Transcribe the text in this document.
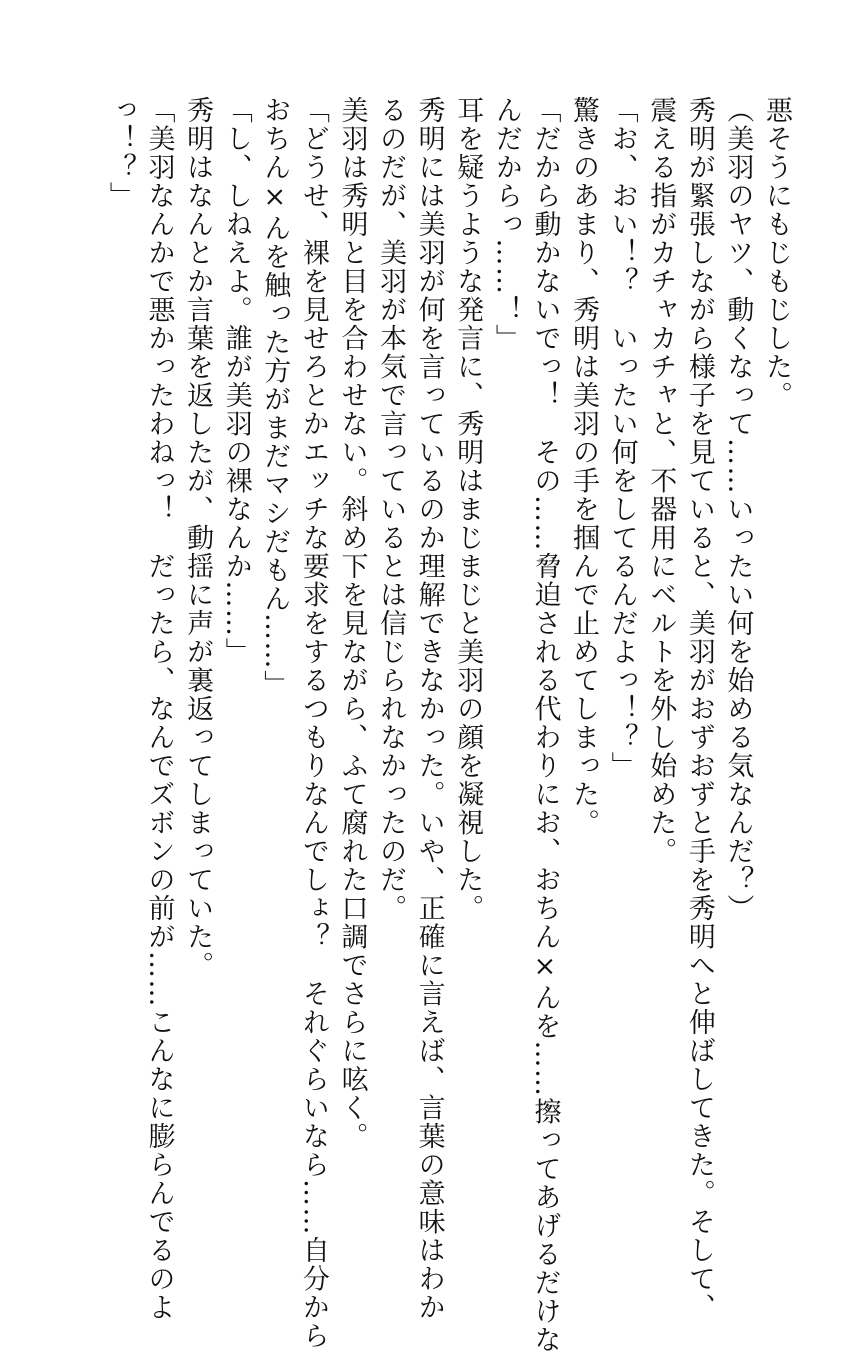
悪そうにもじもじした。
（美羽のヤツ、動くなって……いったい何を始める気なんだ？）
秀明が緊張しながら様子を見ていると、美羽がおずおずと手を秀明へと伸ばしてきた。そして、
震える指がカチャカチャと、不器用にベルトを外し始めた。
「お、おい！？　いったい何をしてるんだよっ！？」
驚きのあまり、秀明は美羽の手を掴んで止めてしまった。
「だから動かないでっ！　その……脅迫される代わりにお、おちん×んを……擦ってあげるだけな
んだからっ……！」
耳を疑うような発言に、秀明はまじまじと美羽の顔を凝視した。
秀明には美羽が何を言っているのか理解できなかった。いや、正確に言えば、言葉の意味はわか
るのだが、美羽が本気で言っているとは信じられなかったのだ。
美羽は秀明と目を合わせない。斜め下を見ながら、ふて腐れた口調でさらに呟く。
「どうせ、裸を見せろとかエッチな要求をするつもりなんでしょ？　それぐらいなら……自分から
おちん×んを触った方がまだマシだもん……」
「し、しねえよ。誰が美羽の裸なんか……」
秀明はなんとか言葉を返したが、動揺に声が裏返ってしまっていた。
「美羽なんかで悪かったわねっ！　だったら、なんでズボンの前が……こんなに膨らんでるのよ
っ！？」
